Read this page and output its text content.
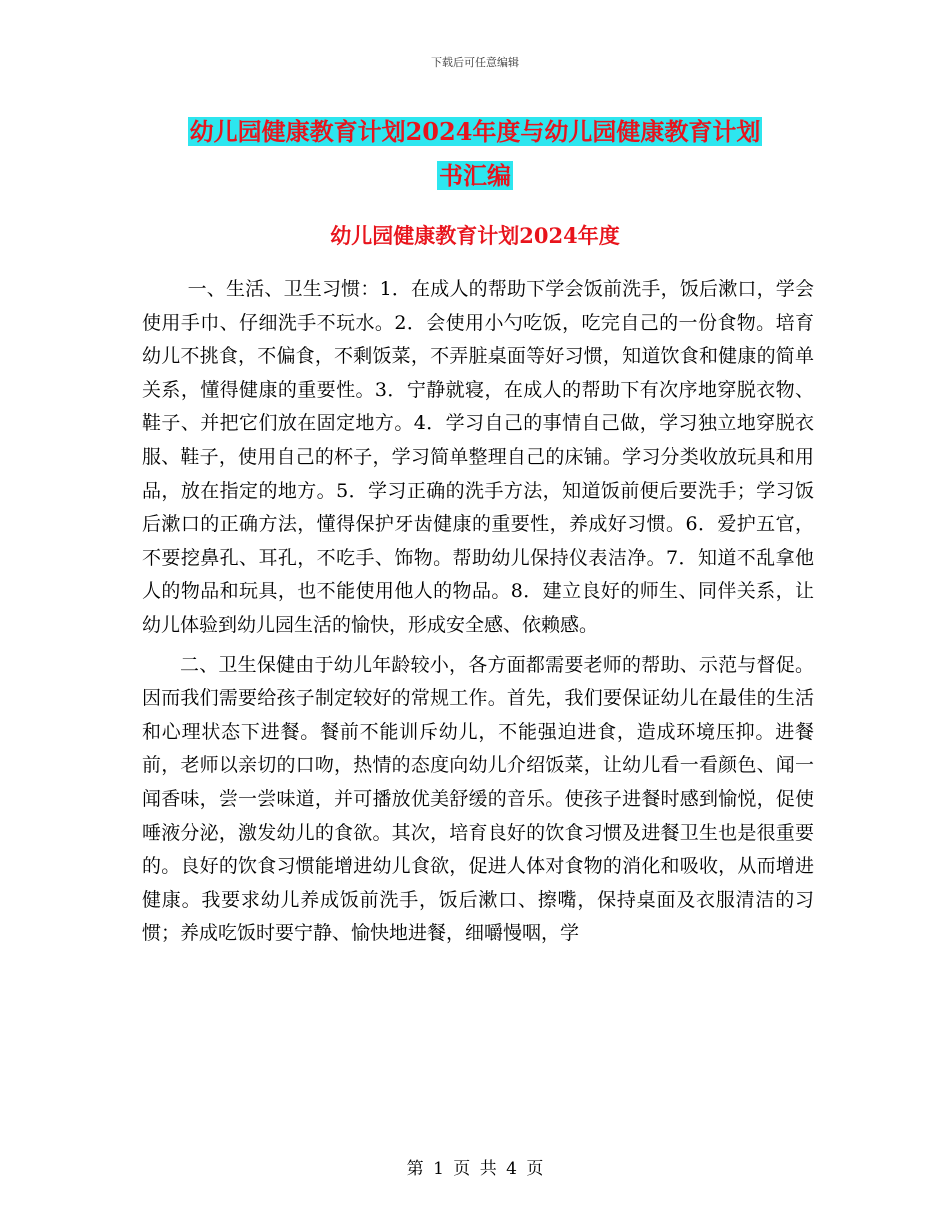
下载后可任意编辑
幼儿园健康教育计划2024年度与幼儿园健康教育计划
书汇编
幼儿园健康教育计划2024年度

一、生活、卫生习惯：1．在成人的帮助下学会饭前洗手，饭后漱口，学会使用手巾、仔细洗手不玩水。2．会使用小勺吃饭，吃完自己的一份食物。培育幼儿不挑食，不偏食，不剩饭菜，不弄脏桌面等好习惯，知道饮食和健康的简单关系，懂得健康的重要性。3．宁静就寝，在成人的帮助下有次序地穿脱衣物、鞋子、并把它们放在固定地方。4．学习自己的事情自己做，学习独立地穿脱衣服、鞋子，使用自己的杯子，学习简单整理自己的床铺。学习分类收放玩具和用品，放在指定的地方。5．学习正确的洗手方法，知道饭前便后要洗手；学习饭后漱口的正确方法，懂得保护牙齿健康的重要性，养成好习惯。6．爱护五官，不要挖鼻孔、耳孔，不吃手、饰物。帮助幼儿保持仪表洁净。7．知道不乱拿他人的物品和玩具，也不能使用他人的物品。8．建立良好的师生、同伴关系，让幼儿体验到幼儿园生活的愉快，形成安全感、依赖感。

二、卫生保健由于幼儿年龄较小，各方面都需要老师的帮助、示范与督促。因而我们需要给孩子制定较好的常规工作。首先，我们要保证幼儿在最佳的生活和心理状态下进餐。餐前不能训斥幼儿，不能强迫进食，造成环境压抑。进餐前，老师以亲切的口吻，热情的态度向幼儿介绍饭菜，让幼儿看一看颜色、闻一闻香味，尝一尝味道，并可播放优美舒缓的音乐。使孩子进餐时感到愉悦，促使唾液分泌，激发幼儿的食欲。其次，培育良好的饮食习惯及进餐卫生也是很重要的。良好的饮食习惯能增进幼儿食欲，促进人体对食物的消化和吸收，从而增进健康。我要求幼儿养成饭前洗手，饭后漱口、擦嘴，保持桌面及衣服清洁的习惯；养成吃饭时要宁静、愉快地进餐，细嚼慢咽，学

第 1 页 共 4 页
